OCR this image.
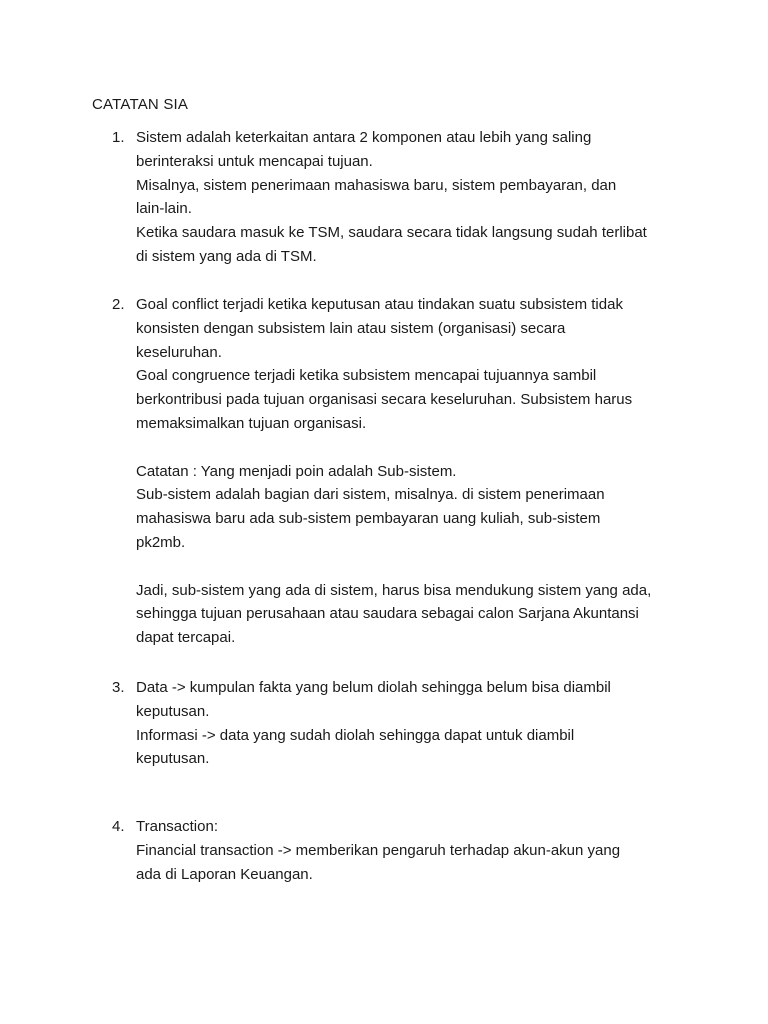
CATATAN SIA
1. Sistem adalah keterkaitan antara 2 komponen atau lebih yang saling
berinteraksi untuk mencapai tujuan.
Misalnya, sistem penerimaan mahasiswa baru, sistem pembayaran, dan
lain-lain.
Ketika saudara masuk ke TSM, saudara secara tidak langsung sudah terlibat
di sistem yang ada di TSM.
2. Goal conflict terjadi ketika keputusan atau tindakan suatu subsistem tidak
konsisten dengan subsistem lain atau sistem (organisasi) secara
keseluruhan.
Goal congruence terjadi ketika subsistem mencapai tujuannya sambil
berkontribusi pada tujuan organisasi secara keseluruhan. Subsistem harus
memaksimalkan tujuan organisasi.
Catatan : Yang menjadi poin adalah Sub-sistem.
Sub-sistem adalah bagian dari sistem, misalnya. di sistem penerimaan
mahasiswa baru ada sub-sistem pembayaran uang kuliah, sub-sistem
pk2mb.
Jadi, sub-sistem yang ada di sistem, harus bisa mendukung sistem yang ada,
sehingga tujuan perusahaan atau saudara sebagai calon Sarjana Akuntansi
dapat tercapai.
3. Data -> kumpulan fakta yang belum diolah sehingga belum bisa diambil
keputusan.
Informasi -> data yang sudah diolah sehingga dapat untuk diambil
keputusan.
4. Transaction:
Financial transaction -> memberikan pengaruh terhadap akun-akun yang
ada di Laporan Keuangan.
